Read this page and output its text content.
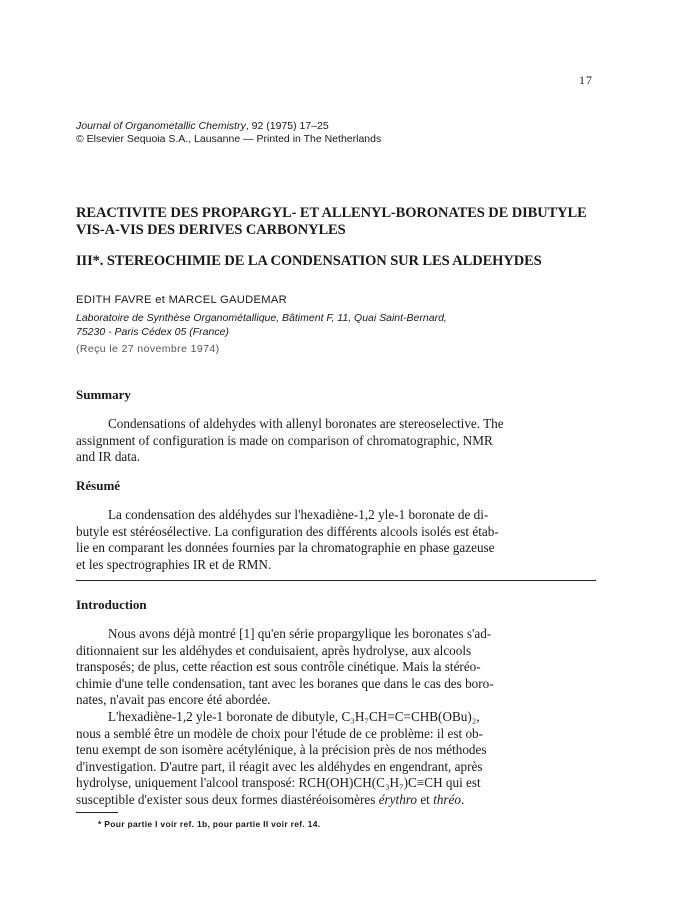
17
Journal of Organometallic Chemistry, 92 (1975) 17–25
© Elsevier Sequoia S.A., Lausanne — Printed in The Netherlands
REACTIVITE DES PROPARGYL- ET ALLENYL-BORONATES DE DIBUTYLE
VIS-A-VIS DES DERIVES CARBONYLES
III*. STEREOCHIMIE DE LA CONDENSATION SUR LES ALDEHYDES
EDITH FAVRE et MARCEL GAUDEMAR
Laboratoire de Synthèse Organométallique, Bâtiment F, 11, Quai Saint-Bernard,
75230 - Paris Cédex 05 (France)
(Reçu le 27 novembre 1974)
Summary
Condensations of aldehydes with allenyl boronates are stereoselective. The
assignment of configuration is made on comparison of chromatographic, NMR
and IR data.
Résumé
La condensation des aldéhydes sur l'hexadiène-1,2 yle-1 boronate de di-
butyle est stéréosélective. La configuration des différents alcools isolés est étab-
lie en comparant les données fournies par la chromatographie en phase gazeuse
et les spectrographies IR et de RMN.
Introduction
Nous avons déjà montré [1] qu'en série propargylique les boronates s'ad-
ditionnaient sur les aldéhydes et conduisaient, après hydrolyse, aux alcools
transposés; de plus, cette réaction est sous contrôle cinétique. Mais la stéréo-
chimie d'une telle condensation, tant avec les boranes que dans le cas des boro-
nates, n'avait pas encore été abordée.
L'hexadiène-1,2 yle-1 boronate de dibutyle, C₃H₇CH=C=CHB(OBu)₂,
nous a semblé être un modèle de choix pour l'étude de ce problème: il est ob-
tenu exempt de son isomère acétylénique, à la précision près de nos méthodes
d'investigation. D'autre part, il réagit avec les aldéhydes en engendrant, après
hydrolyse, uniquement l'alcool transposé: RCH(OH)CH(C₃H₇)C≡CH qui est
susceptible d'exister sous deux formes diastéréoisomères érythro et thréo.
* Pour partie I voir ref. 1b, pour partie II voir ref. 14.
